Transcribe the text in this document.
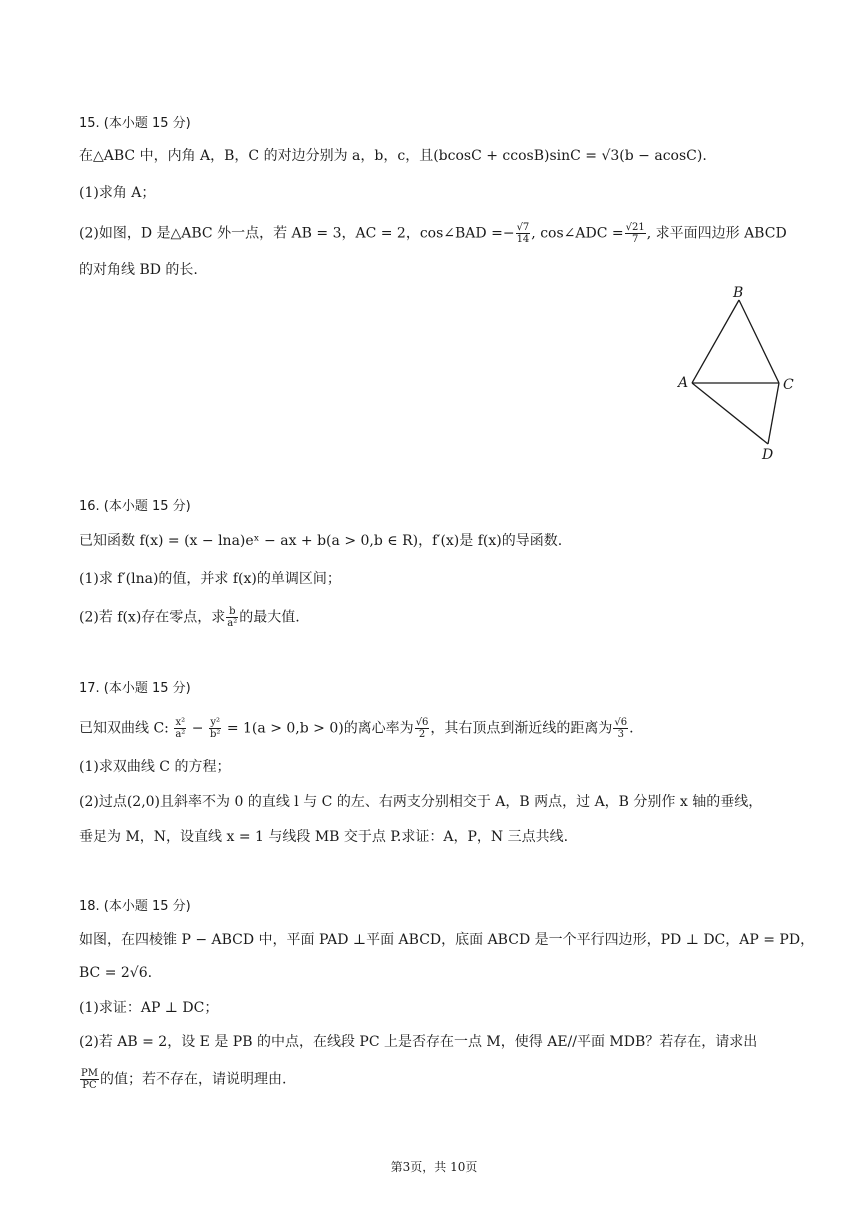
15. (本小题 15 分)
在△ABC 中，内角 A，B，C 的对边分别为 a，b，c，且(bcosC + ccosB)sinC = √3(b − acosC).
(1)求角 A；
(2)如图，D 是△ABC 外一点，若 AB = 3，AC = 2，cos∠BAD =− $\frac{√7}{14}$ , cos∠ADC = $\frac{√21}{7}$ , 求平面四边形 ABCD
的对角线 BD 的长.
B
A	C
D
16. (本小题 15 分)
已知函数 f(x) = (x − lna)eˣ − ax + b(a > 0,b ∈ R)，f′(x)是 f(x)的导函数.
(1)求 f′(lna)的值，并求 f(x)的单调区间；
(2)若 f(x)存在零点，求 $\frac{b}{\text{a²}}$ 的最大值.
17. (本小题 15 分)
已知双曲线 C: $\frac{\text{x²}}{\text{a²}} - \frac{\text{y²}}{\text{b²}} = 1(a > 0,b > 0)$的离心率为 $\frac{√6}{2}$ ，其右顶点到渐近线的距离为 $\frac{√6}{3}$ .
(1)求双曲线 C 的方程；
(2)过点(2,0)且斜率不为 0 的直线 l 与 C 的左、右两支分别相交于 A，B 两点，过 A，B 分别作 x 轴的垂线，
垂足为 M，N，设直线 x = 1 与线段 MB 交于点 P.求证：A，P，N 三点共线.
18. (本小题 15 分)
如图，在四棱锥 P − ABCD 中，平面 PAD ⊥平面 ABCD，底面 ABCD 是一个平行四边形，PD ⊥ DC，AP = PD，
BC = 2√6.
(1)求证：AP ⊥ DC；
(2)若 AB = 2，设 E 是 PB 的中点，在线段 PC 上是否存在一点 M，使得 AE//平面 MDB？若存在，请求出
$\frac{PM}{PC}$ 的值；若不存在，请说明理由.
第3页，共 10页
